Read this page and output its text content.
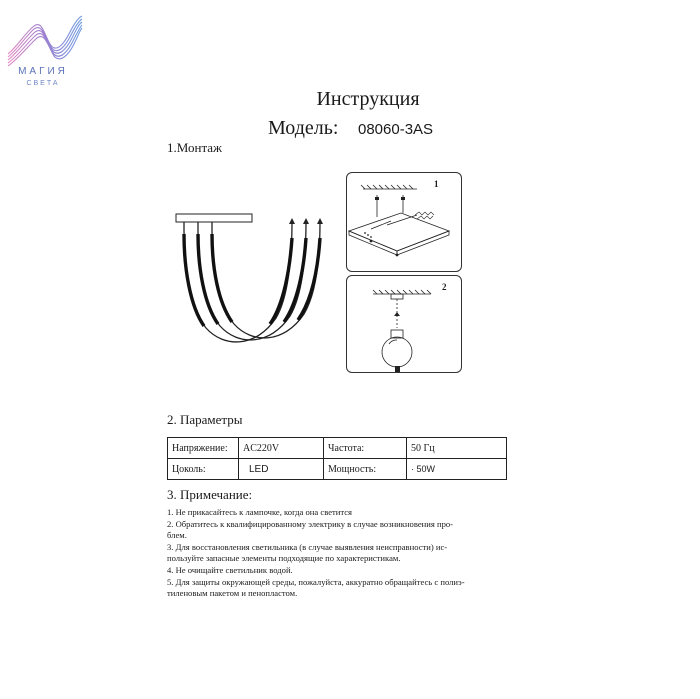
МАГИЯ
СВЕТА
Инструкция
Модель: 08060-3AS
1.Монтаж
1
2
2. Параметры
Напряжение:	AC220V	Частота:	50 Гц
Цоколь:	LED	Мощность:	· 50W
3. Примечание:
1. Не прикасайтесь к лампочке, когда она светится
2. Обратитесь к квалифицированному электрику в случае возникновения про-
блем.
3. Для восстановления светильника (в случае выявления неисправности) ис-
пользуйте запасные элементы подходящие по характеристикам.
4. Не очищайте светильник водой.
5. Для защиты окружающей среды, пожалуйста, аккуратно обращайтесь с полиэ-
тиленовым пакетом и пенопластом.
